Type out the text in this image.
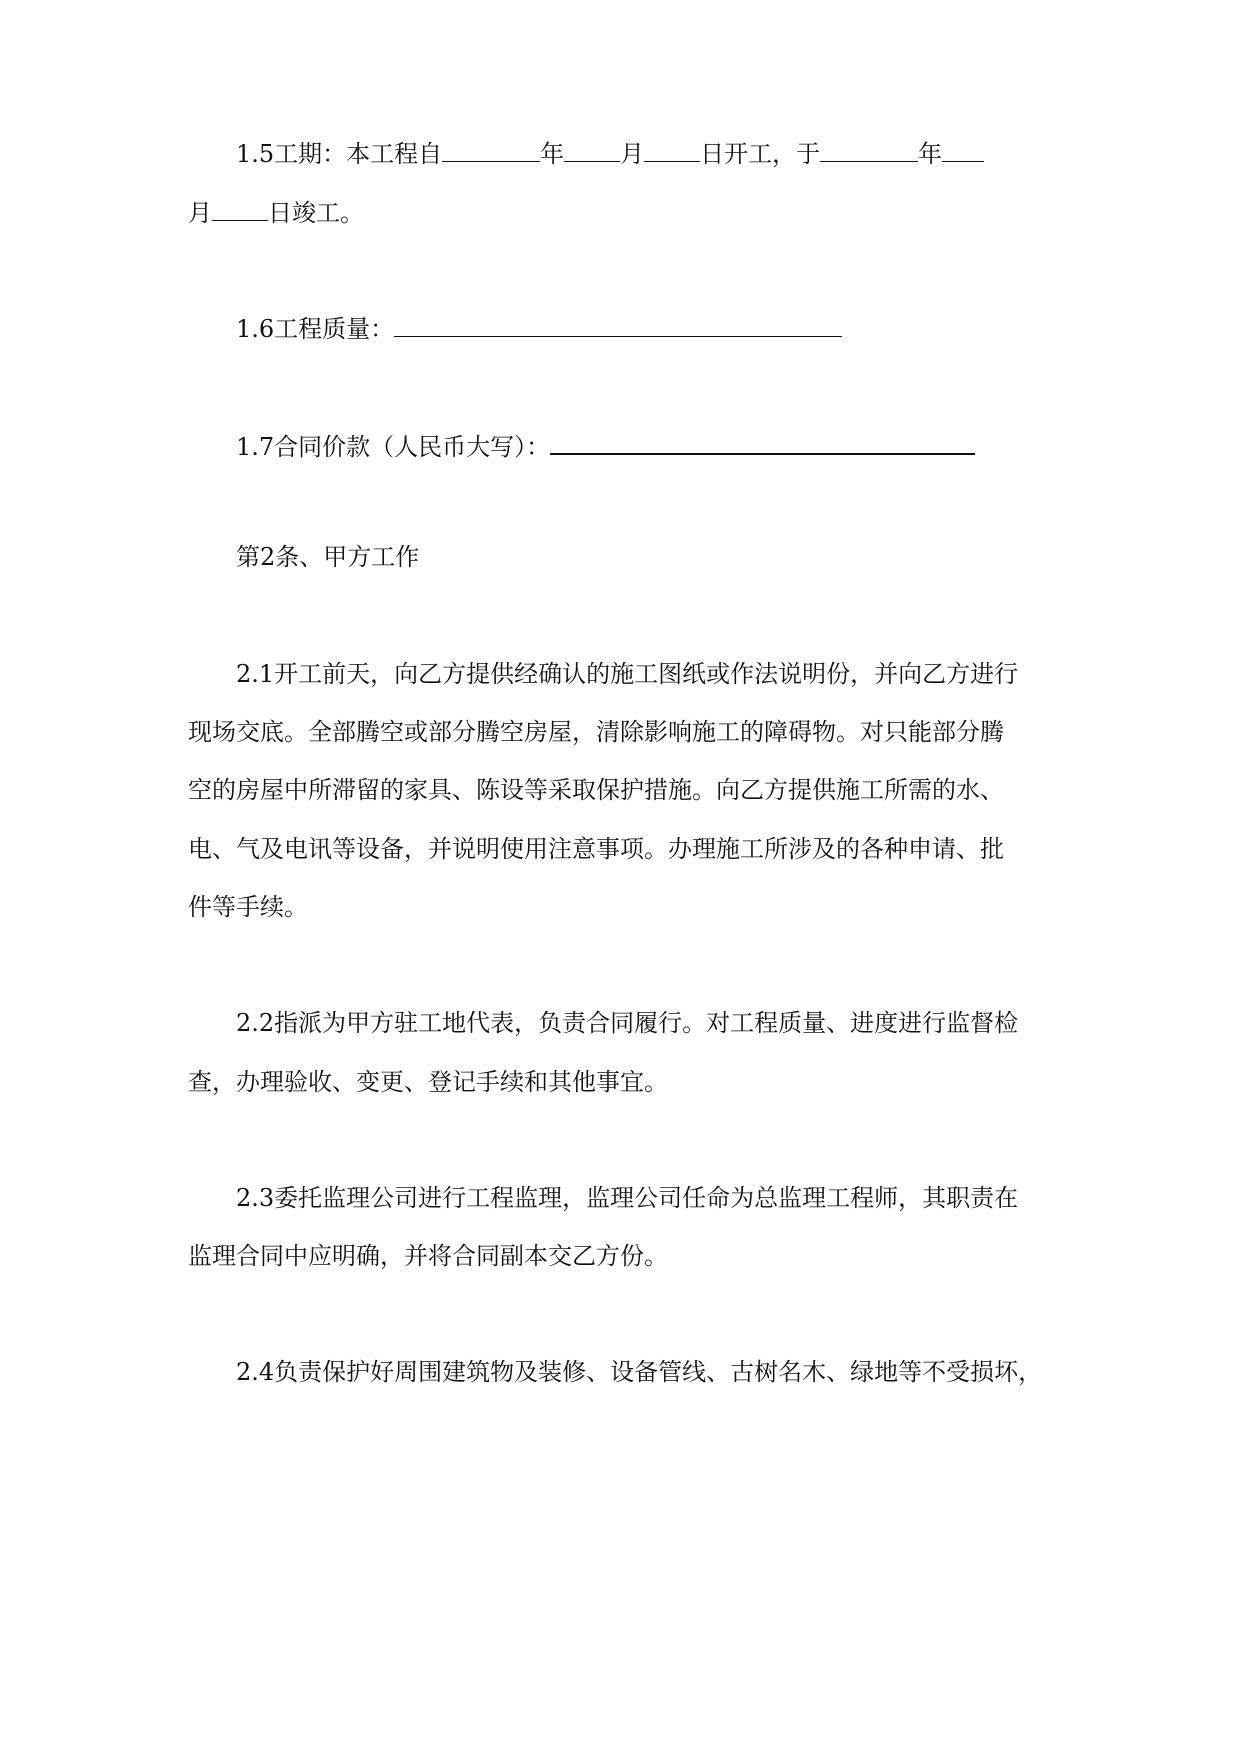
1.5工期：本工程自	年 月 日开工，于	年
月 日竣工。
1.6工程质量：
1.7合同价款（人民币大写）：
第2条、甲方工作
2.1开工前天，向乙方提供经确认的施工图纸或作法说明份，并向乙方进行
现场交底。全部腾空或部分腾空房屋，清除影响施工的障碍物。对只能部分腾
空的房屋中所滞留的家具、陈设等采取保护措施。向乙方提供施工所需的水、
电、气及电讯等设备，并说明使用注意事项。办理施工所涉及的各种申请、批
件等手续。
2.2指派为甲方驻工地代表，负责合同履行。对工程质量、进度进行监督检
查，办理验收、变更、登记手续和其他事宜。
2.3委托监理公司进行工程监理，监理公司任命为总监理工程师，其职责在
监理合同中应明确，并将合同副本交乙方份。
2.4负责保护好周围建筑物及装修、设备管线、古树名木、绿地等不受损坏，
